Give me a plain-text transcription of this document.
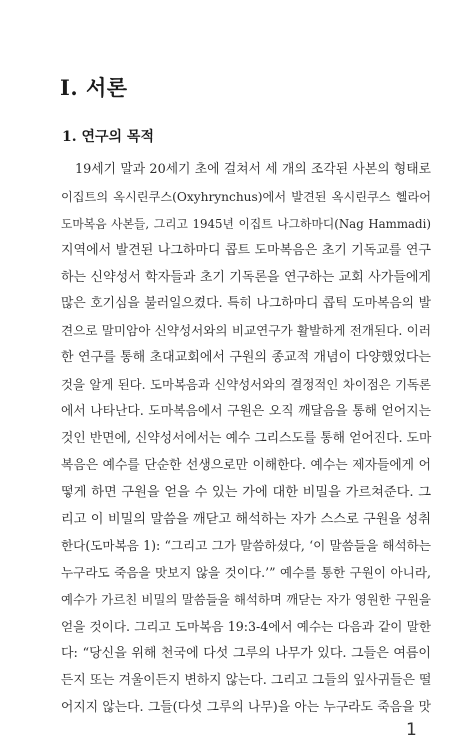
I. 서론
1. 연구의 목적
19세기 말과 20세기 초에 걸쳐서 세 개의 조각된 사본의 형태로
이집트의 옥시린쿠스(Oxyhrynchus)에서 발견된 옥시린쿠스 헬라어
도마복음 사본들, 그리고 1945년 이집트 나그하마디(Nag Hammadi)
지역에서 발견된 나그하마디 콥트 도마복음은 초기 기독교를 연구
하는 신약성서 학자들과 초기 기독론을 연구하는 교회 사가들에게
많은 호기심을 불러일으켰다. 특히 나그하마디 콥틱 도마복음의 발
견으로 말미암아 신약성서와의 비교연구가 활발하게 전개된다. 이러
한 연구를 통해 초대교회에서 구원의 종교적 개념이 다양했었다는
것을 알게 된다. 도마복음과 신약성서와의 결정적인 차이점은 기독론
에서 나타난다. 도마복음에서 구원은 오직 깨달음을 통해 얻어지는
것인 반면에, 신약성서에서는 예수 그리스도를 통해 얻어진다. 도마
복음은 예수를 단순한 선생으로만 이해한다. 예수는 제자들에게 어
떻게 하면 구원을 얻을 수 있는 가에 대한 비밀을 가르쳐준다. 그
리고 이 비밀의 말씀을 깨닫고 해석하는 자가 스스로 구원을 성취
한다(도마복음 1): “그리고 그가 말씀하셨다, ‘이 말씀들을 해석하는
누구라도 죽음을 맛보지 않을 것이다.’” 예수를 통한 구원이 아니라,
예수가 가르친 비밀의 말씀들을 해석하며 깨닫는 자가 영원한 구원을
얻을 것이다. 그리고 도마복음 19:3-4에서 예수는 다음과 같이 말한
다: “당신을 위해 천국에 다섯 그루의 나무가 있다. 그들은 여름이
든지 또는 겨울이든지 변하지 않는다. 그리고 그들의 잎사귀들은 떨
어지지 않는다. 그들(다섯 그루의 나무)을 아는 누구라도 죽음을 맛
1
